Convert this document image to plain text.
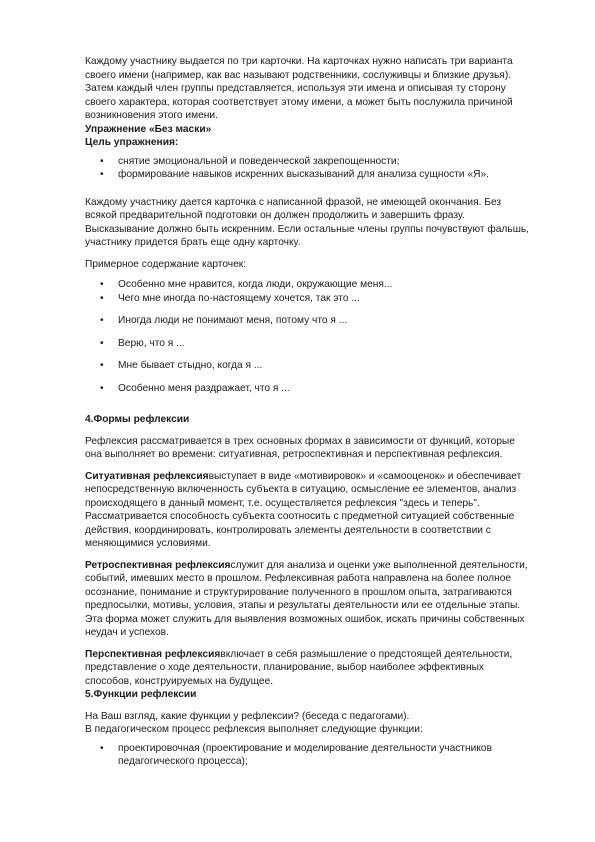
Каждому участнику выдается по три карточки. На карточках нужно написать три варианта своего имени (например, как вас называют родственники, сослуживцы и близкие друзья). Затем каждый член группы представляется, используя эти имена и описывая ту сторону своего характера, которая соответствует этому имени, а может быть послужила причиной возникновения этого имени.

Упражнение «Без маски»

Цель упражнения:

• снятие эмоциональной и поведенческой закрепощенности;
• формирование навыков искренних высказываний для анализа сущности «Я».

Каждому участнику дается карточка с написанной фразой, не имеющей окончания. Без всякой предварительной подготовки он должен продолжить и завершить фразу. Высказывание должно быть искренним. Если остальные члены группы почувствуют фальшь, участнику придется брать еще одну карточку.

Примерное содержание карточек:

• Особенно мне нравится, когда люди, окружающие меня...
• Чего мне иногда по-настоящему хочется, так это ...
• Иногда люди не понимают меня, потому что я ...
• Верю, что я ...
• Мне бывает стыдно, когда я ...
• Особенно меня раздражает, что я ...

4.Формы рефлексии

Рефлексия рассматривается в трех основных формах в зависимости от функций, которые она выполняет во времени: ситуативная, ретроспективная и перспективная рефлексия.

Ситуативная рефлексиявыступает в виде «мотивировок» и «самооценок» и обеспечивает непосредственную включенность субъекта в ситуацию, осмысление ее элементов, анализ происходящего в данный момент, т.е. осуществляется рефлексия "здесь и теперь". Рассматривается способность субъекта соотносить с предметной ситуацией собственные действия, координировать, контролировать элементы деятельности в соответствии с меняющимися условиями.

Ретроспективная рефлексияслужит для анализа и оценки уже выполненной деятельности, событий, имевших место в прошлом. Рефлексивная работа направлена на более полное осознание, понимание и структурирование полученного в прошлом опыта, затрагиваются предпосылки, мотивы, условия, этапы и результаты деятельности или ее отдельные этапы. Эта форма может служить для выявления возможных ошибок, искать причины собственных неудач и успехов.

Перспективная рефлексиявключает в себя размышление о предстоящей деятельности, представление о ходе деятельности, планирование, выбор наиболее эффективных способов, конструируемых на будущее.

5.Функции рефлексии

На Ваш взгляд, какие функции у рефлексии? (беседа с педагогами).

В педагогическом процесс рефлексия выполняет следующие функции:

• проектировочная (проектирование и моделирование деятельности участников педагогического процесса);
